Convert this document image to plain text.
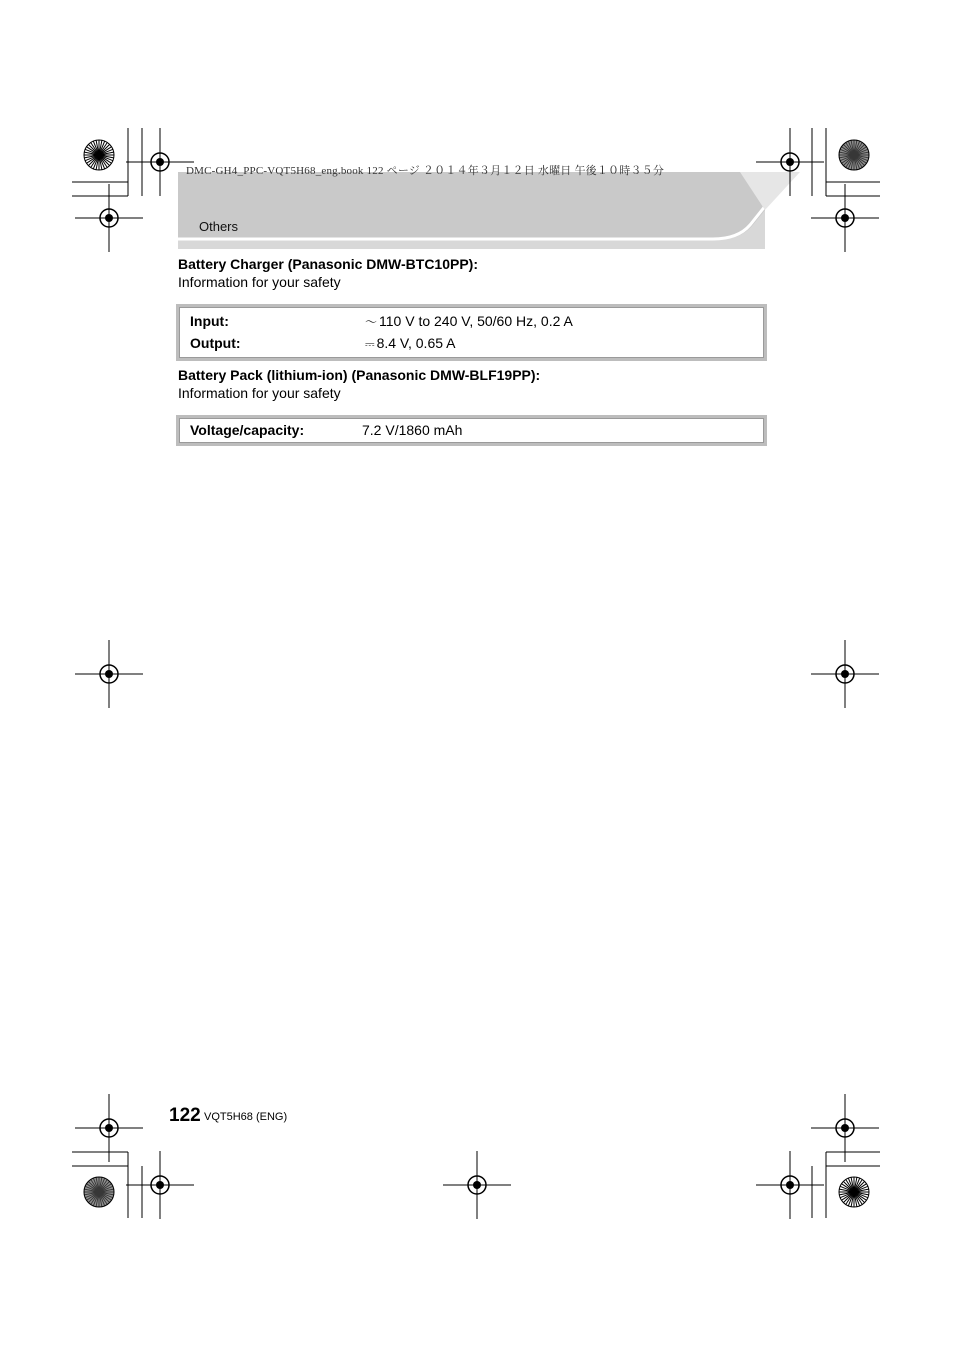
DMC-GH4_PPC-VQT5H68_eng.book 122 ページ ２０１４年３月１２日 水曜日 午後１０時３５分
Others
Battery Charger (Panasonic DMW-BTC10PP):
Information for your safety
Input:	～ 110 V to 240 V, 50/60 Hz, 0.2 A
Output:	⎓ 8.4 V, 0.65 A
Battery Pack (lithium-ion) (Panasonic DMW-BLF19PP):
Information for your safety
Voltage/capacity:	7.2 V/1860 mAh
122 VQT5H68 (ENG)
